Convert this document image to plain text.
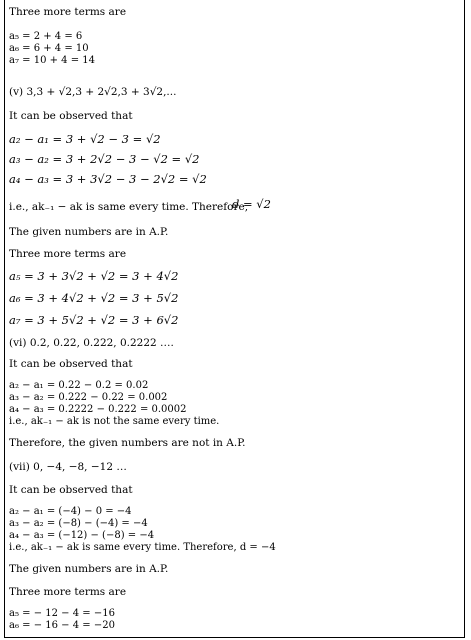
Three more terms are
a₅ = 2 + 4 = 6
a₆ = 6 + 4 = 10
a₇ = 10 + 4 = 14
(v) 3,3 + √2,3 + 2√2,3 + 3√2,...
It can be observed that
a₂ − a₁ = 3 + √2 − 3 = √2
a₃ − a₂ = 3 + 2√2 − 3 − √2 = √2
a₄ − a₃ = 3 + 3√2 − 3 − 2√2 = √2
i.e., ak₋₁ − ak is same every time. Therefore,
d = √2
The given numbers are in A.P.
Three more terms are
a₅ = 3 + 3√2 + √2 = 3 + 4√2
a₆ = 3 + 4√2 + √2 = 3 + 5√2
a₇ = 3 + 5√2 + √2 = 3 + 6√2
(vi) 0.2, 0.22, 0.222, 0.2222 ….
It can be observed that
a₂ − a₁ = 0.22 − 0.2 = 0.02
a₃ − a₂ = 0.222 − 0.22 = 0.002
a₄ − a₃ = 0.2222 − 0.222 = 0.0002
i.e., ak₋₁ − ak is not the same every time.
Therefore, the given numbers are not in A.P.
(vii) 0, −4, −8, −12 …
It can be observed that
a₂ − a₁ = (−4) − 0 = −4
a₃ − a₂ = (−8) − (−4) = −4
a₄ − a₃ = (−12) − (−8) = −4
i.e., ak₋₁ − ak is same every time. Therefore, d = −4
The given numbers are in A.P.
Three more terms are
a₅ = − 12 − 4 = −16
a₆ = − 16 − 4 = −20
